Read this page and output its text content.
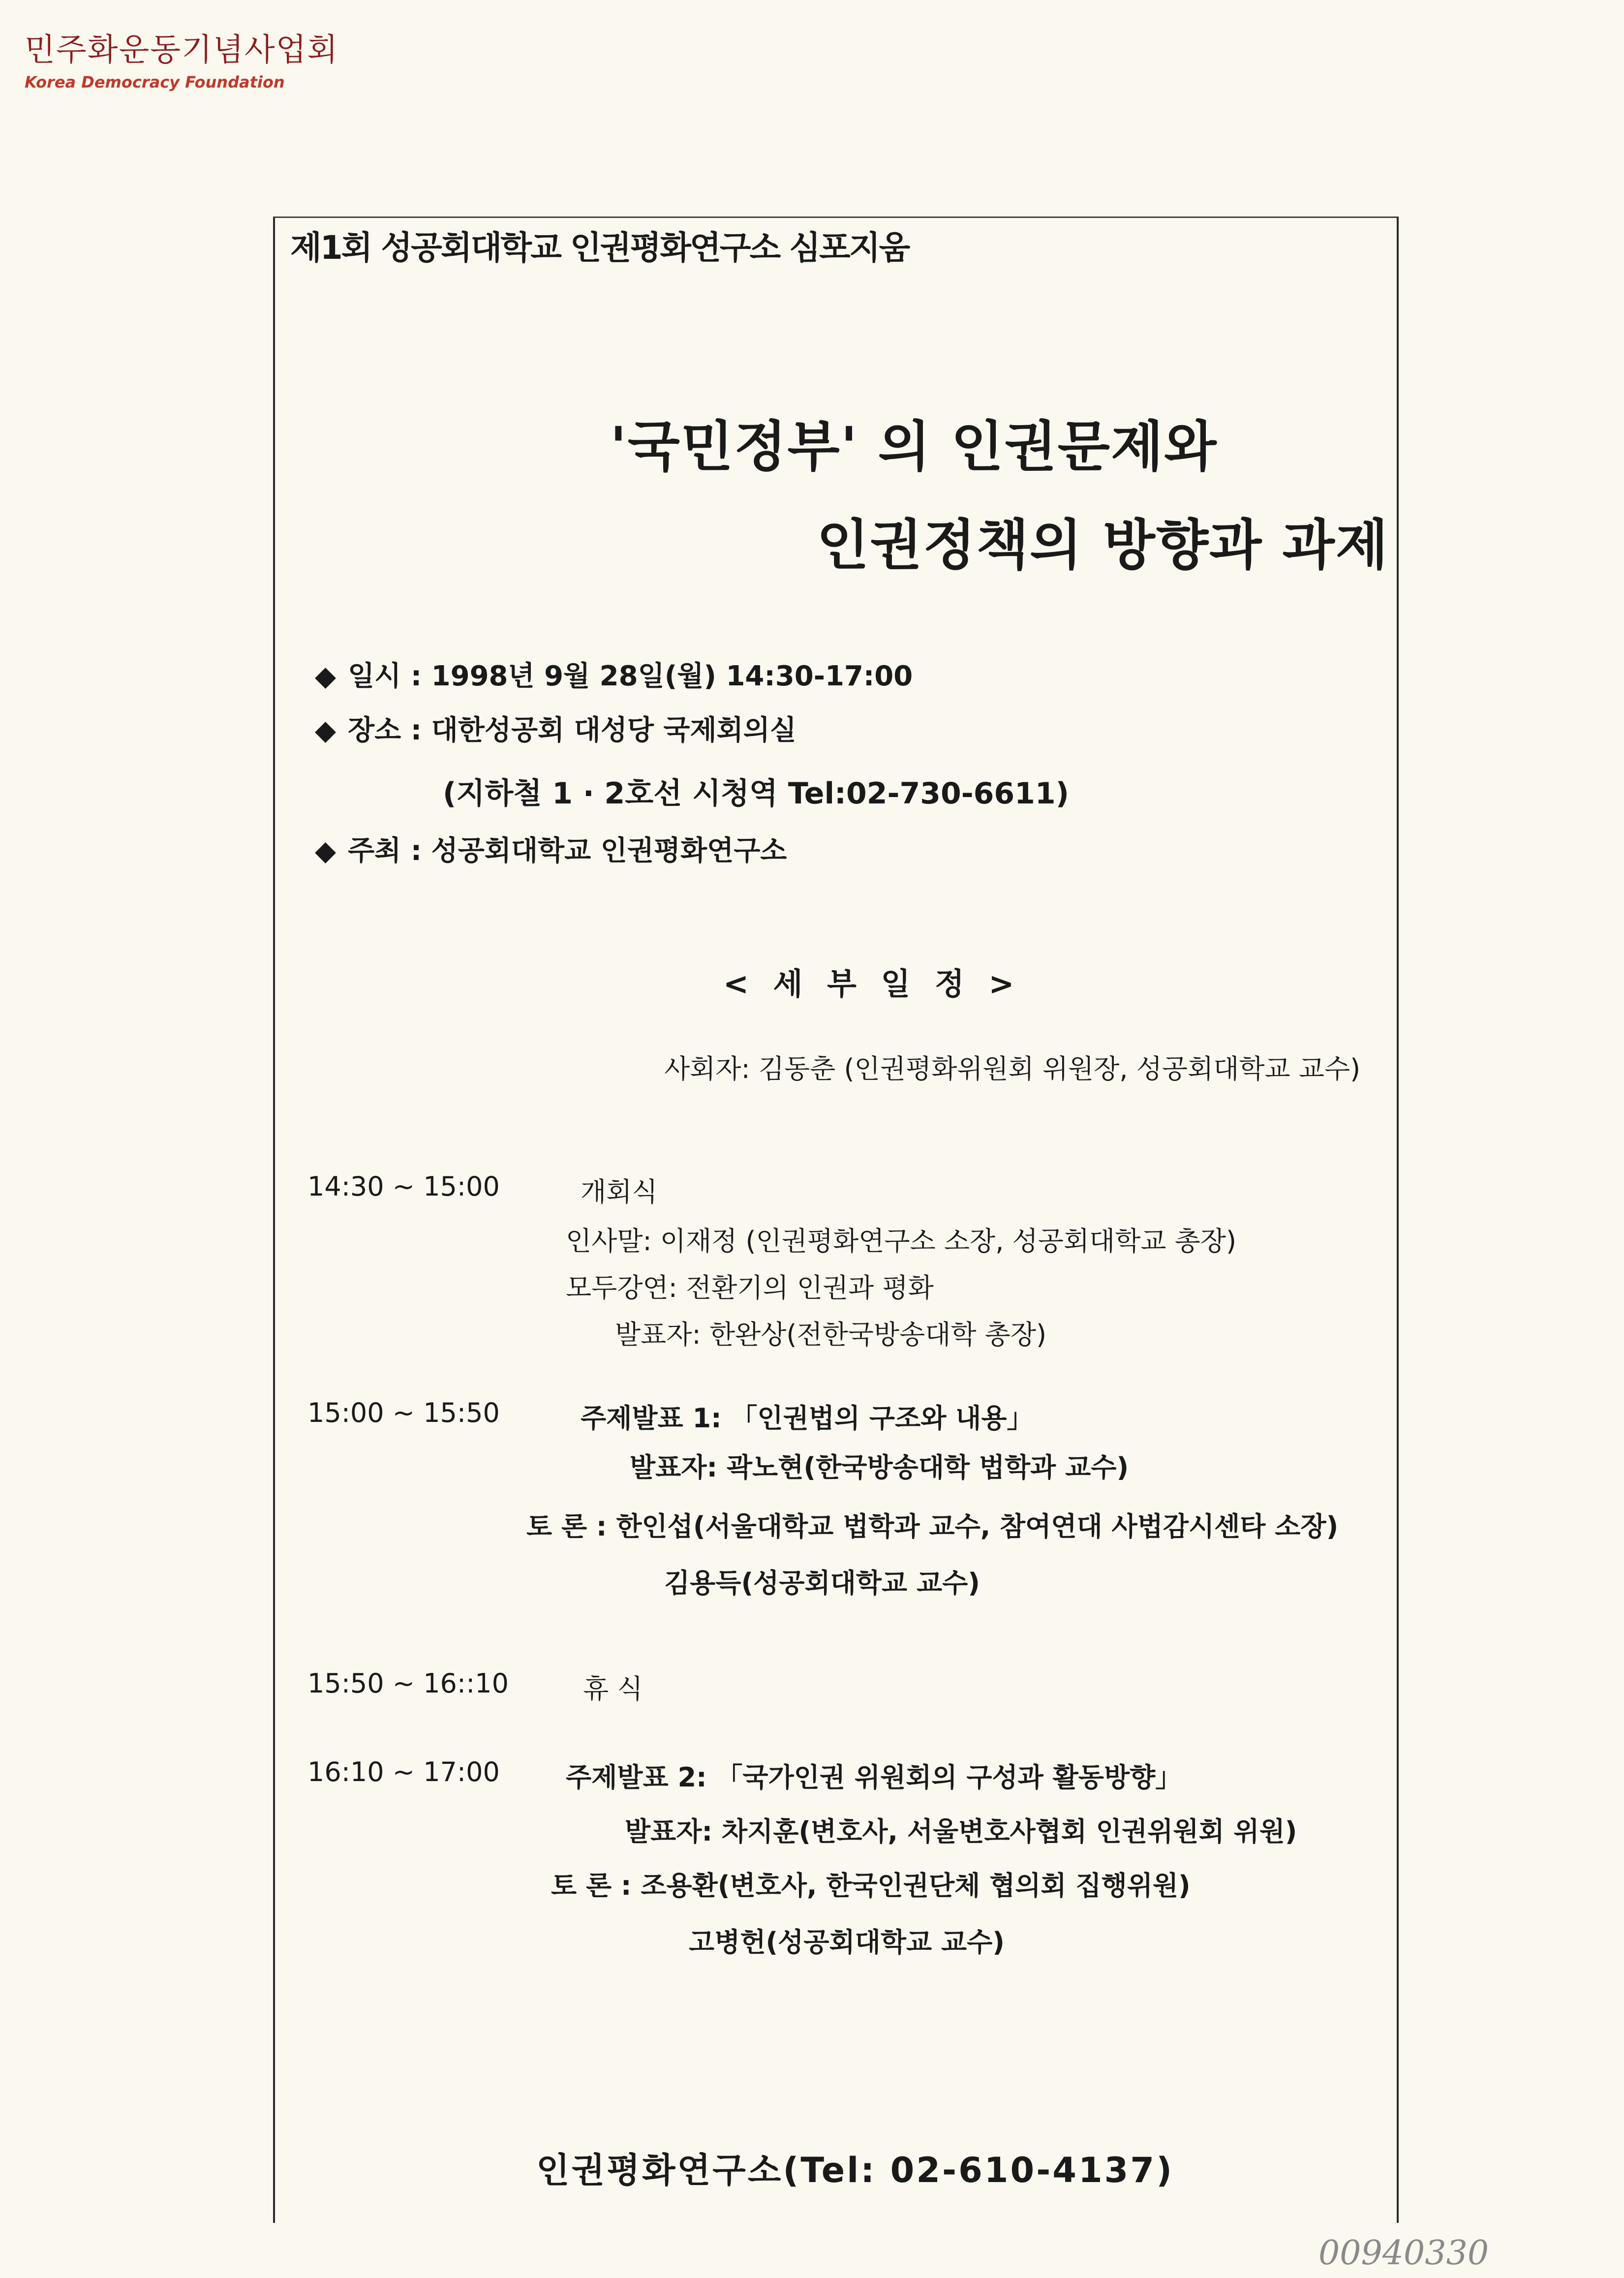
민주화운동기념사업회
Korea Democracy Foundation
제1회 성공회대학교 인권평화연구소 심포지움
'국민정부' 의 인권문제와
인권정책의 방향과 과제
◆ 일시 : 1998년 9월 28일(월) 14:30-17:00
◆ 장소 : 대한성공회 대성당 국제회의실
(지하철 1 · 2호선 시청역 Tel:02-730-6611)
◆ 주최 : 성공회대학교 인권평화연구소
< 세 부 일 정 >
사회자: 김동춘 (인권평화위원회 위원장, 성공회대학교 교수)
14:30 ~ 15:00	개회식
인사말: 이재정 (인권평화연구소 소장, 성공회대학교 총장)
모두강연: 전환기의 인권과 평화
발표자: 한완상(전한국방송대학 총장)
15:00 ~ 15:50	주제발표 1: 「인권법의 구조와 내용」
발표자: 곽노현(한국방송대학 법학과 교수)
토 론 : 한인섭(서울대학교 법학과 교수, 참여연대 사법감시센타 소장)
김용득(성공회대학교 교수)
15:50 ~ 16::10	휴 식
16:10 ~ 17:00 주제발표 2: 「국가인권 위원회의 구성과 활동방향」
발표자: 차지훈(변호사, 서울변호사협회 인권위원회 위원)
토 론 : 조용환(변호사, 한국인권단체 협의회 집행위원)
고병헌(성공회대학교 교수)
인권평화연구소(Tel: 02-610-4137)
00940330
